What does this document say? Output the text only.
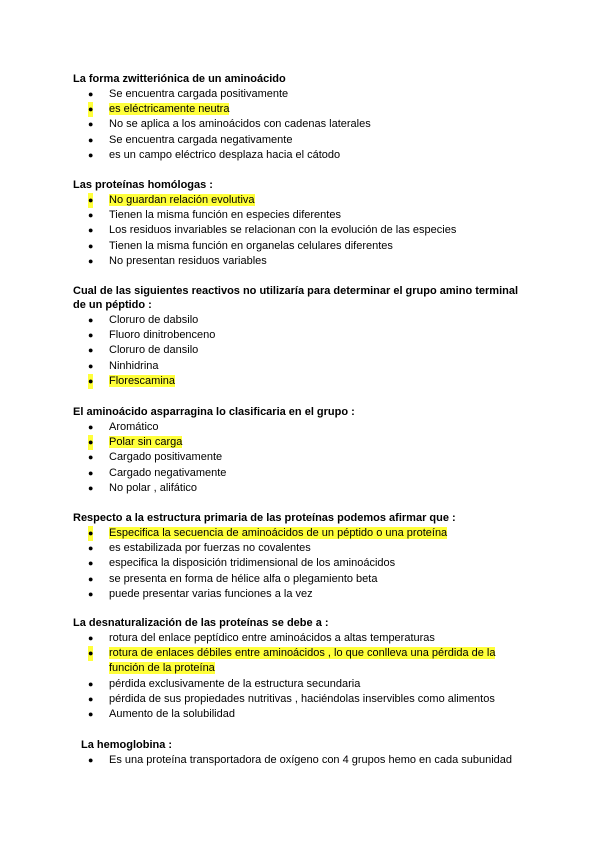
La forma zwitteriónica de un aminoácido
● Se encuentra cargada positivamente
● es eléctricamente neutra
● No se aplica a los aminoácidos con cadenas laterales
● Se encuentra cargada negativamente
● es un campo eléctrico desplaza hacia el cátodo
Las proteínas homólogas :
● No guardan relación evolutiva
● Tienen la misma función en especies diferentes
● Los residuos invariables se relacionan con la evolución de las especies
● Tienen la misma función en organelas celulares diferentes
● No presentan residuos variables
Cual de las siguientes reactivos no utilizaría para determinar el grupo amino terminal
de un péptido :
● Cloruro de dabsilo
● Fluoro dinitrobenceno
● Cloruro de dansilo
● Ninhidrina
● Florescamina
El aminoácido asparragina lo clasificaria en el grupo :
● Aromático
● Polar sin carga
● Cargado positivamente
● Cargado negativamente
● No polar , alifático
Respecto a la estructura primaria de las proteínas podemos afirmar que :
● Especifica la secuencia de aminoácidos de un péptido o una proteína
● es estabilizada por fuerzas no covalentes
● especifica la disposición tridimensional de los aminoácidos
● se presenta en forma de hélice alfa o plegamiento beta
● puede presentar varias funciones a la vez
La desnaturalización de las proteínas se debe a :
● rotura del enlace peptídico entre aminoácidos a altas temperaturas
● rotura de enlaces débiles entre aminoácidos , lo que conlleva una pérdida de la
función de la proteína
● pérdida exclusivamente de la estructura secundaria
● pérdida de sus propiedades nutritivas , haciéndolas inservibles como alimentos
● Aumento de la solubilidad
La hemoglobina :
● Es una proteína transportadora de oxígeno con 4 grupos hemo en cada subunidad
